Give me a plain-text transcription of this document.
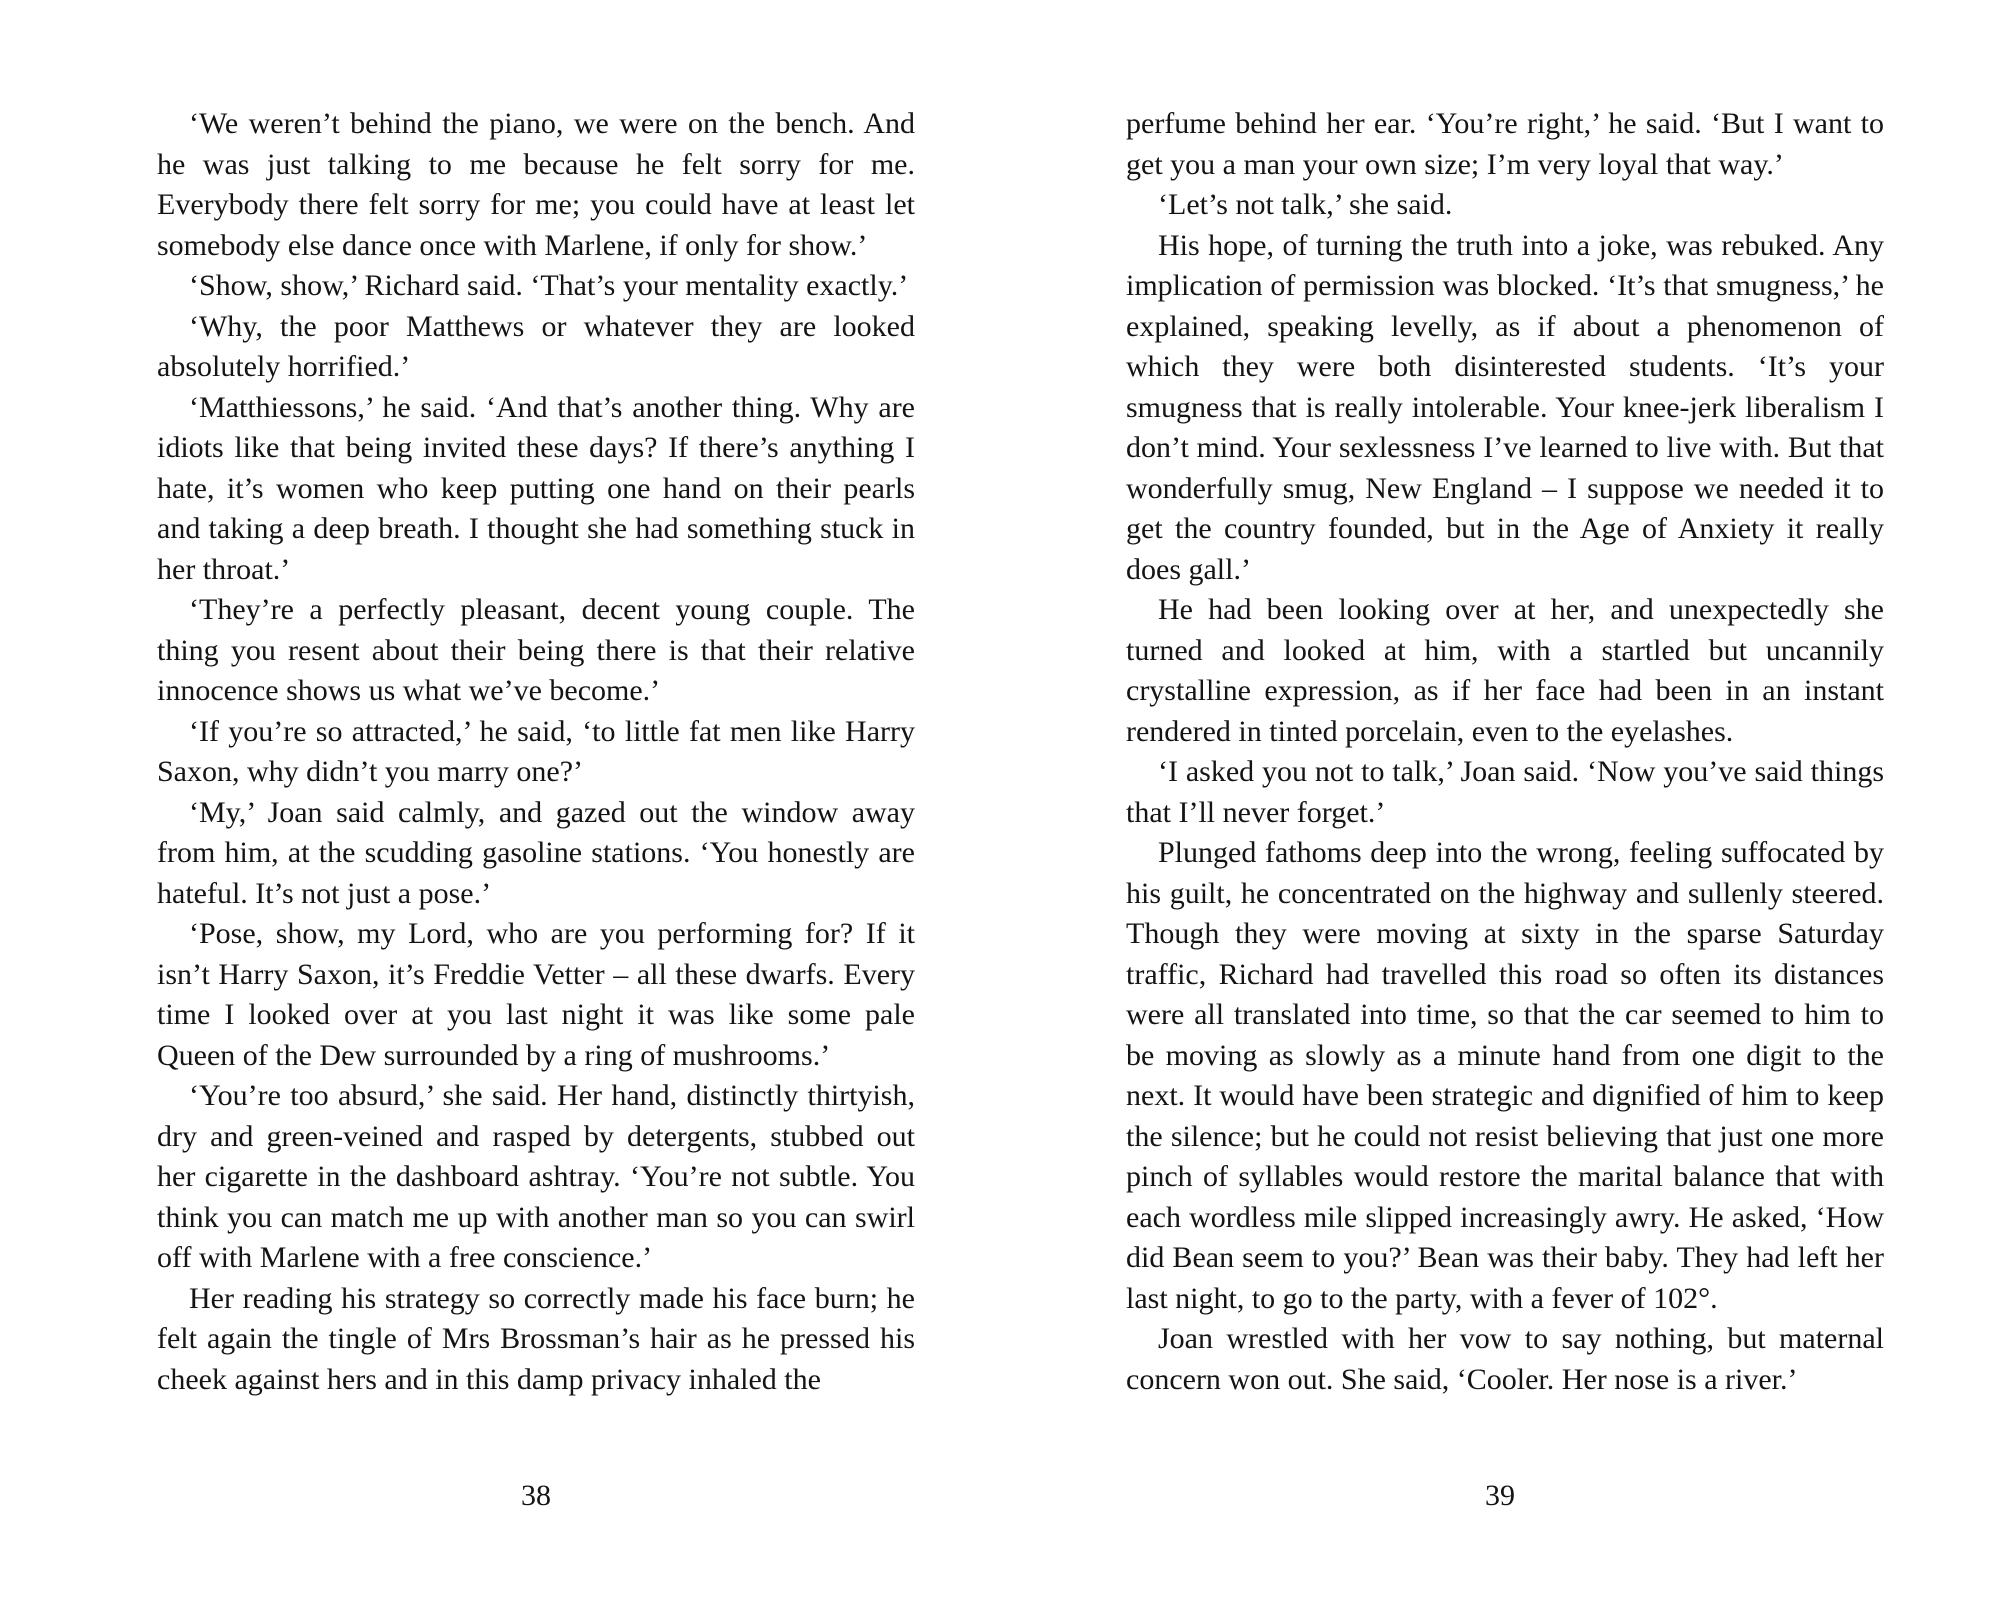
‘We weren’t behind the piano, we were on the bench. And he was just talking to me because he felt sorry for me. Everybody there felt sorry for me; you could have at least let somebody else dance once with Marlene, if only for show.’

‘Show, show,’ Richard said. ‘That’s your mentality exactly.’

‘Why, the poor Matthews or whatever they are looked absolutely horrified.’

‘Matthiessons,’ he said. ‘And that’s another thing. Why are idiots like that being invited these days? If there’s anything I hate, it’s women who keep putting one hand on their pearls and taking a deep breath. I thought she had something stuck in her throat.’

‘They’re a perfectly pleasant, decent young couple. The thing you resent about their being there is that their relative innocence shows us what we’ve become.’

‘If you’re so attracted,’ he said, ‘to little fat men like Harry Saxon, why didn’t you marry one?’

‘My,’ Joan said calmly, and gazed out the window away from him, at the scudding gasoline stations. ‘You honestly are hateful. It’s not just a pose.’

‘Pose, show, my Lord, who are you performing for? If it isn’t Harry Saxon, it’s Freddie Vetter – all these dwarfs. Every time I looked over at you last night it was like some pale Queen of the Dew surrounded by a ring of mushrooms.’

‘You’re too absurd,’ she said. Her hand, distinctly thirtyish, dry and green-veined and rasped by detergents, stubbed out her cigarette in the dashboard ashtray. ‘You’re not subtle. You think you can match me up with another man so you can swirl off with Marlene with a free conscience.’

Her reading his strategy so correctly made his face burn; he felt again the tingle of Mrs Brossman’s hair as he pressed his cheek against hers and in this damp privacy inhaled the

38

perfume behind her ear. ‘You’re right,’ he said. ‘But I want to get you a man your own size; I’m very loyal that way.’

‘Let’s not talk,’ she said.

His hope, of turning the truth into a joke, was rebuked. Any implication of permission was blocked. ‘It’s that smugness,’ he explained, speaking levelly, as if about a phenomenon of which they were both disinterested students. ‘It’s your smugness that is really intolerable. Your knee-jerk liberalism I don’t mind. Your sexlessness I’ve learned to live with. But that wonderfully smug, New England – I suppose we needed it to get the country founded, but in the Age of Anxiety it really does gall.’

He had been looking over at her, and unexpectedly she turned and looked at him, with a startled but uncannily crystalline expression, as if her face had been in an instant rendered in tinted porcelain, even to the eyelashes.

‘I asked you not to talk,’ Joan said. ‘Now you’ve said things that I’ll never forget.’

Plunged fathoms deep into the wrong, feeling suffocated by his guilt, he concentrated on the highway and sullenly steered. Though they were moving at sixty in the sparse Saturday traffic, Richard had travelled this road so often its distances were all translated into time, so that the car seemed to him to be moving as slowly as a minute hand from one digit to the next. It would have been strategic and dignified of him to keep the silence; but he could not resist believing that just one more pinch of syllables would restore the marital balance that with each wordless mile slipped increasingly awry. He asked, ‘How did Bean seem to you?’ Bean was their baby. They had left her last night, to go to the party, with a fever of 102°.

Joan wrestled with her vow to say nothing, but maternal concern won out. She said, ‘Cooler. Her nose is a river.’

39
